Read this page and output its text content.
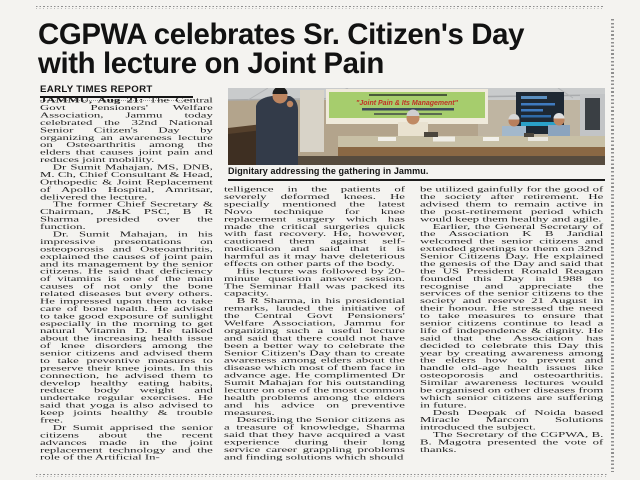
CGPWA celebrates Sr. Citizen's Day
with lecture on Joint Pain
EARLY TIMES REPORT
"Joint Pain & Its Management"
Dignitary addressing the gathering in Jammu.

JAMMU, Aug 21: The Central Govt Pensioners' Welfare Association, Jammu today celebrated the 32nd National Senior Citizen's Day by organizing an awareness lecture on Osteoarthritis among the elders that causes joint pain and reduces joint mobility.

Dr Sumit Mahajan, MS, DNB, M. Ch, Chief Consultant & Head, Orthopedic & Joint Replacement of Apollo Hospital, Amritsar, delivered the lecture.

The former Chief Secretary & Chairman, J&K PSC, B R Sharma presided over the function.

Dr. Sumit Mahajan, in his impressive presentations on osteoporosis and Osteoarthritis, explained the causes of joint pain and its management by the senior citizens. He said that deficiency of vitamins is one of the main causes of not only the bone related diseases but every others. He impressed upon them to take care of bone health. He advised to take good exposure of sunlight especially in the morning to get natural Vitamin D. He talked about the increasing health issue of knee disorders among the senior citizens and advised them to take preventive measures to preserve their knee joints. In this connection, he advised them to develop healthy eating habits, reduce body weight and undertake regular exercises. He said that yoga is also advised to keep joints healthy & trouble free.

Dr Sumit apprised the senior citizens about the recent advances made in the joint replacement technology and the role of the Artificial In-

telligence in the patients of severely deformed knees. He specially mentioned the latest Novo technique for knee replacement surgery which has made the critical surgeries quick with fast recovery. He, however, cautioned them against self-medication and said that it is harmful as it may have deleterious effects on other parts of the body.

His lecture was followed by 20-minute question answer session. The Seminar Hall was packed its capacity.

B R Sharma, in his presidential remarks, lauded the initiative of the Central Govt Pensioners' Welfare Association, Jammu for organizing such a useful lecture and said that there could not have been a better way to celebrate the Senior Citizen's Day than to create awareness among elders about the disease which most of them face in advance age. He complimented Dr Sumit Mahajan for his outstanding lecture on one of the most common health problems among the elders and his advice on preventive measures.

Describing the Senior citizens as a treasure of knowledge, Sharma said that they have acquired a vast experience during their long service career grappling problems and finding solutions which should

be utilized gainfully for the good of the society after retirement. He advised them to remain active in the post-retirement period which would keep them healthy and agile.

Earlier, the General Secretary of the Association K B Jandial welcomed the senior citizens and extended greetings to them on 32nd Senior Citizens Day. He explained the genesis of the Day and said that the US President Ronald Reagan founded this Day in 1988 to recognise and appreciate the services of the senior citizens to the society and reserve 21 August in their honour. He stressed the need to take measures to ensure that senior citizens continue to lead a life of independence & dignity. He said that the Association has decided to celebrate this Day this year by creating awareness among the elders how to prevent and handle old-age health issues like osteoporosis and osteoarthritis. Similar awareness lectures would be organised on other diseases from which senior citizens are suffering in future.

Desh Deepak of Noida based Miracle Marcom Solutions introduced the subject.

The Secretary of the CGPWA, B. B. Magotra presented the vote of thanks.
